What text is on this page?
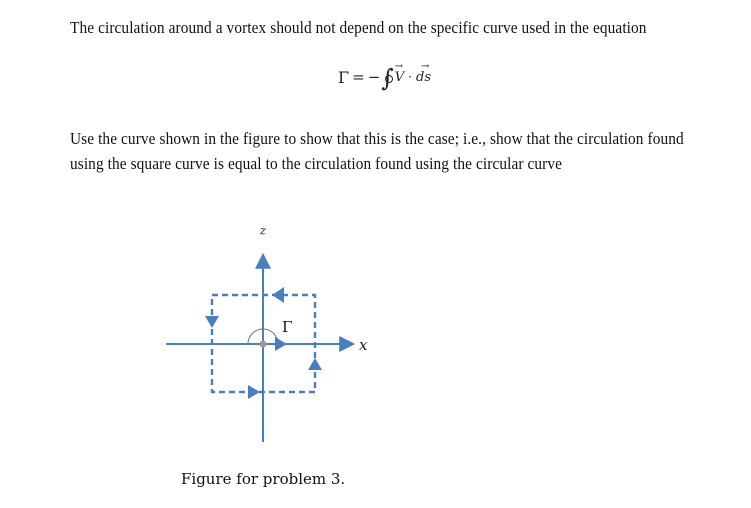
The circulation around a vortex should not depend on the specific curve used in the equation
Γ = − ∫ →
V ·
→
ds
Use the curve shown in the figure to show that this is the case; i.e., show that the circulation found
using the square curve is equal to the circulation found using the circular curve
z
x
Γ
Figure for problem 3.
